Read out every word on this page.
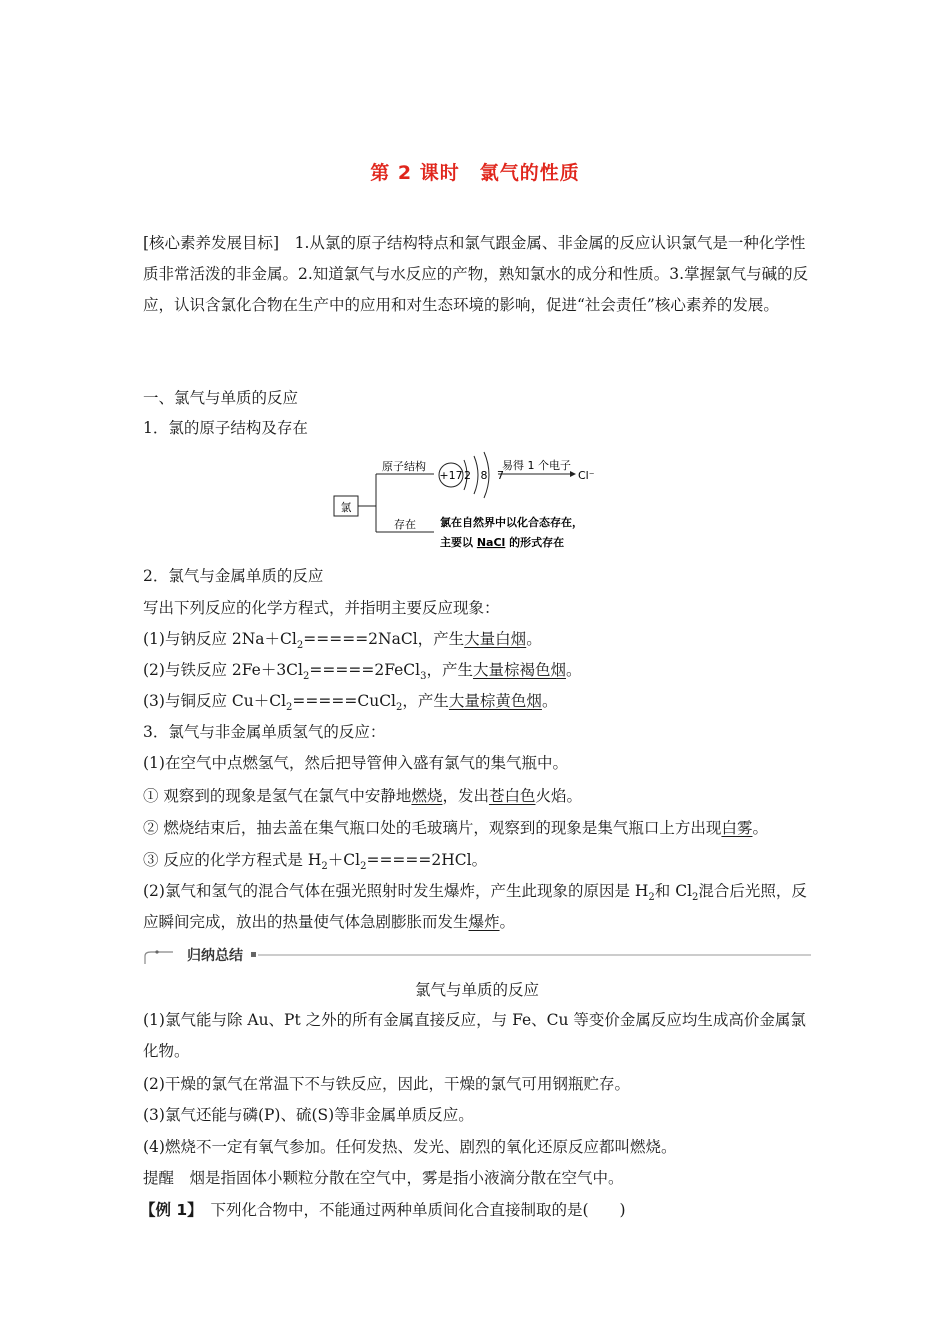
第 2 课时　氯气的性质
[核心素养发展目标]　1.从氯的原子结构特点和氯气跟金属、非金属的反应认识氯气是一种化学性质非常活泼的非金属。2.知道氯气与水反应的产物，熟知氯水的成分和性质。3.掌握氯气与碱的反应，认识含氯化合物在生产中的应用和对生态环境的影响，促进“社会责任”核心素养的发展。
一、氯气与单质的反应
1．氯的原子结构及存在
氯
原子结构
+17 2 8 7
易得 1 个电子
Cl⁻
存在 氯在自然界中以化合态存在，
主要以 NaCl 的形式存在
2．氯气与金属单质的反应
写出下列反应的化学方程式，并指明主要反应现象：
(1)与钠反应 $2Na+Cl_2=====2NaCl$，产生大量白烟。
(2)与铁反应 $2Fe+3Cl_2=====2FeCl_3$，产生大量棕褐色烟。
(3)与铜反应 $Cu+Cl_2=====CuCl_2$，产生大量棕黄色烟。
3．氯气与非金属单质氢气的反应：
(1)在空气中点燃氢气，然后把导管伸入盛有氯气的集气瓶中。
① 观察到的现象是氢气在氯气中安静地燃烧，发出苍白色火焰。
② 燃烧结束后，抽去盖在集气瓶口处的毛玻璃片，观察到的现象是集气瓶口上方出现白雾。
③ 反应的化学方程式是 $H_2+Cl_2=====2HCl$。
(2)氯气和氢气的混合气体在强光照射时发生爆炸，产生此现象的原因是 $H_2$和 $Cl_2$混合后光照，反应瞬间完成，放出的热量使气体急剧膨胀而发生爆炸。
归纳总结
氯气与单质的反应
(1)氯气能与除 Au、Pt 之外的所有金属直接反应，与 Fe、Cu 等变价金属反应均生成高价金属氯化物。
(2)干燥的氯气在常温下不与铁反应，因此，干燥的氯气可用钢瓶贮存。
(3)氯气还能与磷(P)、硫(S)等非金属单质反应。
(4)燃烧不一定有氧气参加。任何发热、发光、剧烈的氧化还原反应都叫燃烧。
提醒　烟是指固体小颗粒分散在空气中，雾是指小液滴分散在空气中。
【例 1】　下列化合物中，不能通过两种单质间化合直接制取的是(　　)
